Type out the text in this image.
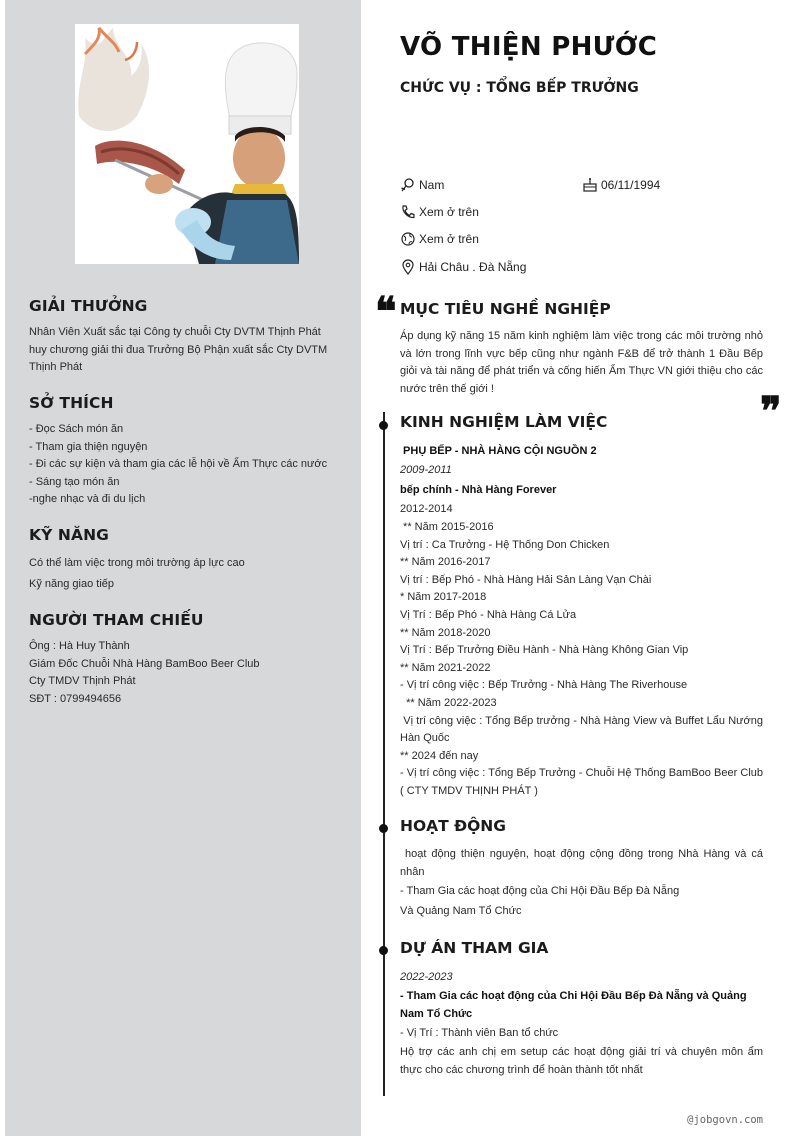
GIẢI THƯỞNG
Nhân Viên Xuất sắc tại Công ty chuỗi Cty DVTM Thịnh Phát
huy chương giải thi đua Trưởng Bộ Phận xuất sắc Cty DVTM
Thịnh Phát
SỞ THÍCH
- Đọc Sách món ăn
- Tham gia thiện nguyện
- Đi các sự kiện và tham gia các lễ hội về Ẩm Thực các nước
- Sáng tạo món ăn
-nghe nhạc và đi du lịch
KỸ NĂNG
Có thể làm việc trong môi trường áp lực cao
Kỹ năng giao tiếp
NGƯỜI THAM CHIẾU
Ông : Hà Huy Thành
Giám Đốc Chuỗi Nhà Hàng BamBoo Beer Club
Cty TMDV Thịnh Phát
SĐT : 0799494656
VÕ THIỆN PHƯỚC
CHỨC VỤ : TỔNG BẾP TRƯỞNG
Nam	06/11/1994
Xem ở trên
Xem ở trên
Hải Châu . Đà Nẵng
❝
❞
MỤC TIÊU NGHỀ NGHIỆP
Áp dụng kỹ năng 15 năm kinh nghiệm làm việc trong các môi trường nhỏ và lớn trong lĩnh vực bếp cũng như ngành F&B để trở thành 1 Đầu Bếp giỏi và tài năng để phát triển và cống hiến Ẩm Thực VN giới thiệu cho các nước trên thế giới !
KINH NGHIỆM LÀM VIỆC
PHỤ BẾP - NHÀ HÀNG CỘI NGUỒN 2
2009-2011
bếp chính - Nhà Hàng Forever
2012-2014
** Năm 2015-2016
Vị trí : Ca Trưởng - Hệ Thống Don Chicken
** Năm 2016-2017
Vị trí : Bếp Phó - Nhà Hàng Hải Sản Làng Vạn Chài
* Năm 2017-2018
Vị Trí : Bếp Phó - Nhà Hàng Cá Lửa
** Năm 2018-2020
Vị Trí : Bếp Trưởng Điều Hành - Nhà Hàng Không Gian Vip
** Năm 2021-2022
- Vị trí công việc : Bếp Trưởng - Nhà Hàng The Riverhouse
** Năm 2022-2023
Vị trí công việc : Tổng Bếp trưởng - Nhà Hàng View và Buffet Lẩu Nướng Hàn Quốc
** 2024 đến nay
- Vị trí công việc : Tổng Bếp Trưởng - Chuỗi Hệ Thống BamBoo Beer Club ( CTY TMDV THỊNH PHÁT )
HOẠT ĐỘNG
hoạt động thiện nguyện, hoạt động cộng đồng trong Nhà Hàng và cá nhân
- Tham Gia các hoạt động của Chi Hội Đầu Bếp Đà Nẵng
Và Quảng Nam Tổ Chức
DỰ ÁN THAM GIA
2022-2023
- Tham Gia các hoạt động của Chi Hội Đầu Bếp Đà Nẵng và Quảng Nam Tổ Chức
- Vị Trí : Thành viên Ban tổ chức
Hộ trợ các anh chị em setup các hoạt động giải trí và chuyên môn ẩm thực cho các chương trình để hoàn thành tốt nhất
@jobgovn.com
